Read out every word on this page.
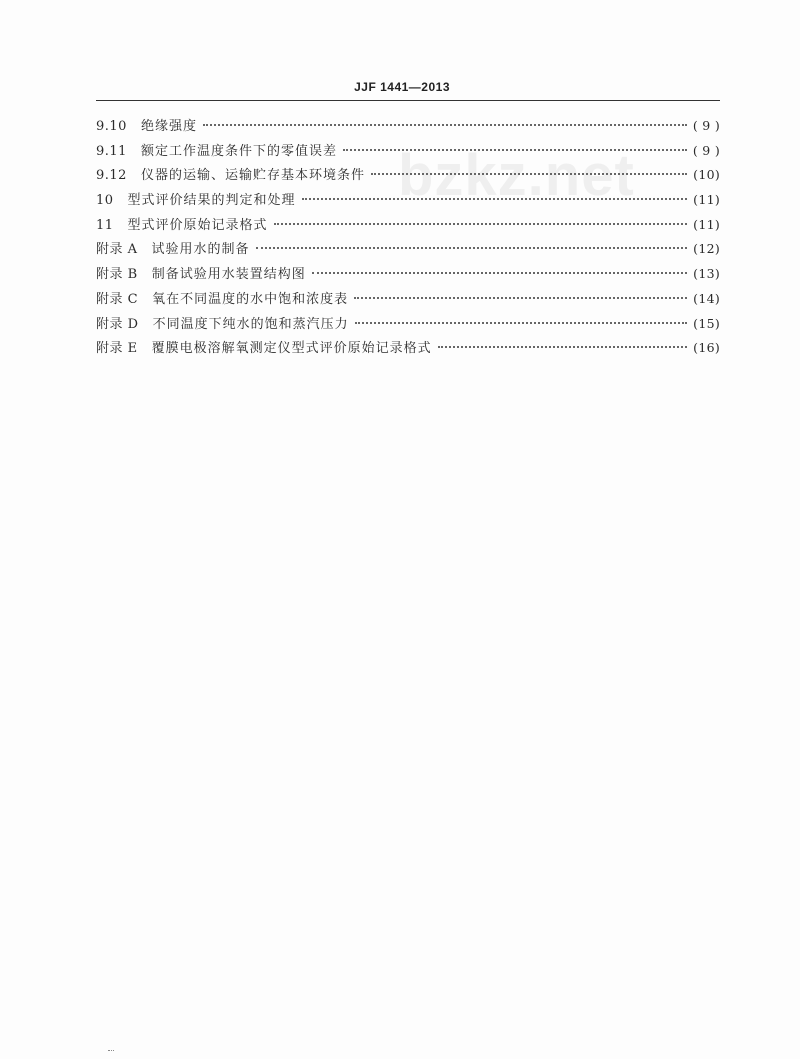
JJF 1441—2013
bzkz.net
9.10 绝缘强度	( 9 )
9.11 额定工作温度条件下的零值误差	( 9 )
9.12 仪器的运输、运输贮存基本环境条件	(10)
10 型式评价结果的判定和处理	(11)
11 型式评价原始记录格式	(11)
附录 A 试验用水的制备	(12)
附录 B 制备试验用水装置结构图	(13)
附录 C 氧在不同温度的水中饱和浓度表	(14)
附录 D 不同温度下纯水的饱和蒸汽压力	(15)
附录 E 覆膜电极溶解氧测定仪型式评价原始记录格式	(16)
